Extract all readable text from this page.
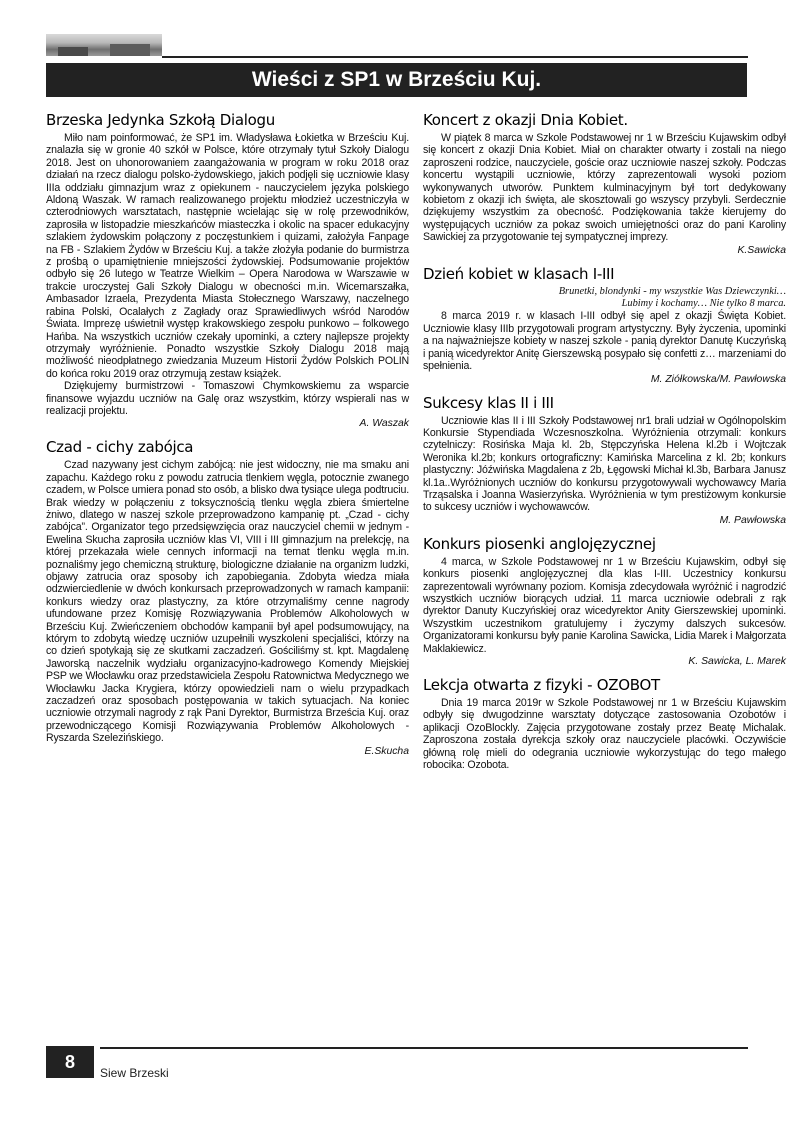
Wieści z SP1 w Brześciu Kuj.
Brzeska Jedynka Szkołą Dialogu

Miło nam poinformować, że SP1 im. Władysława Łokietka w Brześciu Kuj. znalazła się w gronie 40 szkół w Polsce, które otrzymały tytuł Szkoły Dialogu 2018. Jest on uhonorowaniem zaangażowania w program w roku 2018 oraz działań na rzecz dialogu polsko-żydowskiego, jakich podjęli się uczniowie klasy IIIa oddziału gimnazjum wraz z opiekunem - nauczycielem języka polskiego Aldoną Waszak. W ramach realizowanego projektu młodzież uczestniczyła w czterodniowych warsztatach, następnie wcielając się w rolę przewodników, zaprosiła w listopadzie mieszkańców miasteczka i okolic na spacer edukacyjny szlakiem żydowskim połączony z poczęstunkiem i quizami, założyła Fanpage na FB - Szlakiem Żydów w Brześciu Kuj. a także złożyła podanie do burmistrza z prośbą o upamiętnienie mniejszości żydowskiej. Podsumowanie projektów odbyło się 26 lutego w Teatrze Wielkim – Opera Narodowa w Warszawie w trakcie uroczystej Gali Szkoły Dialogu w obecności m.in. Wicemarszałka, Ambasador Izraela, Prezydenta Miasta Stołecznego Warszawy, naczelnego rabina Polski, Ocalałych z Zagłady oraz Sprawiedliwych wśród Narodów Świata. Imprezę uświetnił występ krakowskiego zespołu punkowo – folkowego Hańba. Na wszystkich uczniów czekały upominki, a cztery najlepsze projekty otrzymały wyróżnienie. Ponadto wszystkie Szkoły Dialogu 2018 mają możliwość nieodpłatnego zwiedzania Muzeum Historii Żydów Polskich POLIN do końca roku 2019 oraz otrzymują zestaw książek.

Dziękujemy burmistrzowi - Tomaszowi Chymkowskiemu za wsparcie finansowe wyjazdu uczniów na Galę oraz wszystkim, którzy wspierali nas w realizacji projektu.

A. Waszak

Czad - cichy zabójca

Czad nazywany jest cichym zabójcą: nie jest widoczny, nie ma smaku ani zapachu. Każdego roku z powodu zatrucia tlenkiem węgla, potocznie zwanego czadem, w Polsce umiera ponad sto osób, a blisko dwa tysiące ulega podtruciu. Brak wiedzy w połączeniu z toksycznością tlenku węgla zbiera śmiertelne żniwo, dlatego w naszej szkole przeprowadzono kampanię pt. „Czad - cichy zabójca”. Organizator tego przedsięwzięcia oraz nauczyciel chemii w jednym - Ewelina Skucha zaprosiła uczniów klas VI, VIII i III gimnazjum na prelekcję, na której przekazała wiele cennych informacji na temat tlenku węgla m.in. poznaliśmy jego chemiczną strukturę, biologiczne działanie na organizm ludzki, objawy zatrucia oraz sposoby ich zapobiegania. Zdobyta wiedza miała odzwierciedlenie w dwóch konkursach przeprowadzonych w ramach kampanii: konkurs wiedzy oraz plastyczny, za które otrzymaliśmy cenne nagrody ufundowane przez Komisję Rozwiązywania Problemów Alkoholowych w Brześciu Kuj. Zwieńczeniem obchodów kampanii był apel podsumowujący, na którym to zdobytą wiedzę uczniów uzupełnili wyszkoleni specjaliści, którzy na co dzień spotykają się ze skutkami zaczadzeń. Gościliśmy st. kpt. Magdalenę Jaworską naczelnik wydziału organizacyjno-kadrowego Komendy Miejskiej PSP we Włocławku oraz przedstawiciela Zespołu Ratownictwa Medycznego we Włocławku Jacka Krygiera, którzy opowiedzieli nam o wielu przypadkach zaczadzeń oraz sposobach postępowania w takich sytuacjach. Na koniec uczniowie otrzymali nagrody z rąk Pani Dyrektor, Burmistrza Brześcia Kuj. oraz przewodniczącego Komisji Rozwiązywania Problemów Alkoholowych - Ryszarda Szelezińskiego.

E.Skucha

Koncert z okazji Dnia Kobiet.

W piątek 8 marca w Szkole Podstawowej nr 1 w Brześciu Kujawskim odbył się koncert z okazji Dnia Kobiet. Miał on charakter otwarty i zostali na niego zaproszeni rodzice, nauczyciele, goście oraz uczniowie naszej szkoły. Podczas koncertu wystąpili uczniowie, którzy zaprezentowali wysoki poziom wykonywanych utworów. Punktem kulminacyjnym był tort dedykowany kobietom z okazji ich święta, ale skosztowali go wszyscy przybyli. Serdecznie dziękujemy wszystkim za obecność. Podziękowania także kierujemy do występujących uczniów za pokaz swoich umiejętności oraz do pani Karoliny Sawickiej za przygotowanie tej sympatycznej imprezy.

K.Sawicka

Dzień kobiet w klasach I-III

Brunetki, blondynki - my wszystkie Was Dziewczynki…

Lubimy i kochamy… Nie tylko 8 marca.

8 marca 2019 r. w klasach I-III odbył się apel z okazji Święta Kobiet. Uczniowie klasy IIIb przygotowali program artystyczny. Były życzenia, upominki a na najważniejsze kobiety w naszej szkole - panią dyrektor Danutę Kuczyńską i panią wicedyrektor Anitę Gierszewską posypało się confetti z… marzeniami do spełnienia.

M. Ziółkowska/M. Pawłowska

Sukcesy klas II i III

Uczniowie klas II i III Szkoły Podstawowej nr1 brali udział w Ogólnopolskim Konkursie Stypendiada Wczesnoszkolna. Wyróżnienia otrzymali: konkurs czytelniczy: Rosińska Maja kl. 2b, Stępczyńska Helena kl.2b i Wojtczak Weronika kl.2b; konkurs ortograficzny: Kamińska Marcelina z kl. 2b; konkurs plastyczny: Jóźwińska Magdalena z 2b, Łęgowski Michał kl.3b, Barbara Janusz kl.1a..Wyróżnionych uczniów do konkursu przygotowywali wychowawcy Maria Trząsalska i Joanna Wasierzyńska. Wyróżnienia w tym prestiżowym konkursie to sukcesy uczniów i wychowawców.

M. Pawłowska

Konkurs piosenki anglojęzycznej

4 marca, w Szkole Podstawowej nr 1 w Brześciu Kujawskim, odbył się konkurs piosenki anglojęzycznej dla klas I-III. Uczestnicy konkursu zaprezentowali wyrównany poziom. Komisja zdecydowała wyróżnić i nagrodzić wszystkich uczniów biorących udział. 11 marca uczniowie odebrali z rąk dyrektor Danuty Kuczyńskiej oraz wicedyrektor Anity Gierszewskiej upominki. Wszystkim uczestnikom gratulujemy i życzymy dalszych sukcesów. Organizatorami konkursu były panie Karolina Sawicka, Lidia Marek i Małgorzata Maklakiewicz.

K. Sawicka, L. Marek

Lekcja otwarta z fizyki - OZOBOT

Dnia 19 marca 2019r w Szkole Podstawowej nr 1 w Brześciu Kujawskim odbyły się dwugodzinne warsztaty dotyczące zastosowania Ozobotów i aplikacji OzoBlockly. Zajęcia przygotowane zostały przez Beatę Michalak. Zaproszona została dyrekcja szkoły oraz nauczyciele placówki. Oczywiście główną rolę mieli do odegrania uczniowie wykorzystując do tego małego robocika: Ozobota.

8
Siew Brzeski
